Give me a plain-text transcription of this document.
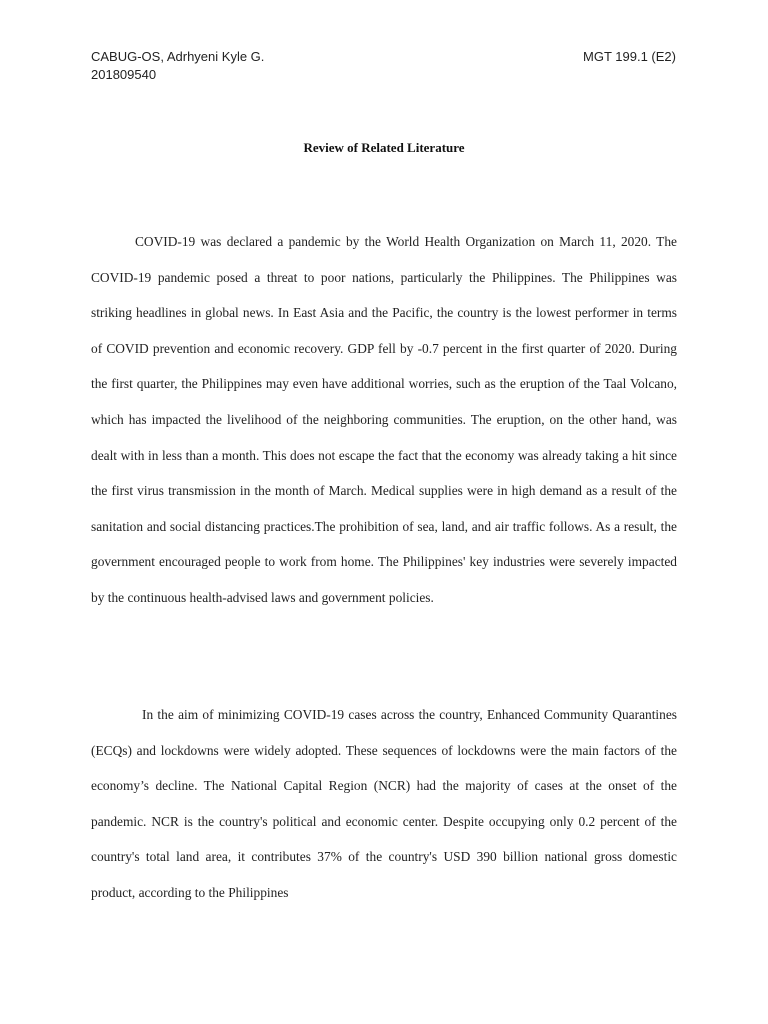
CABUG-OS, Adrhyeni Kyle G.
201809540
MGT 199.1 (E2)
Review of Related Literature

COVID-19 was declared a pandemic by the World Health Organization on March 11, 2020. The COVID-19 pandemic posed a threat to poor nations, particularly the Philippines. The Philippines was striking headlines in global news. In East Asia and the Pacific, the country is the lowest performer in terms of COVID prevention and economic recovery. GDP fell by -0.7 percent in the first quarter of 2020. During the first quarter, the Philippines may even have additional worries, such as the eruption of the Taal Volcano, which has impacted the livelihood of the neighboring communities. The eruption, on the other hand, was dealt with in less than a month. This does not escape the fact that the economy was already taking a hit since the first virus transmission in the month of March. Medical supplies were in high demand as a result of the sanitation and social distancing practices.The prohibition of sea, land, and air traffic follows. As a result, the government encouraged people to work from home. The Philippines' key industries were severely impacted by the continuous health-advised laws and government policies.

In the aim of minimizing COVID-19 cases across the country, Enhanced Community Quarantines (ECQs) and lockdowns were widely adopted. These sequences of lockdowns were the main factors of the economy’s decline. The National Capital Region (NCR) had the majority of cases at the onset of the pandemic. NCR is the country's political and economic center. Despite occupying only 0.2 percent of the country's total land area, it contributes 37% of the country's USD 390 billion national gross domestic product, according to the Philippines
